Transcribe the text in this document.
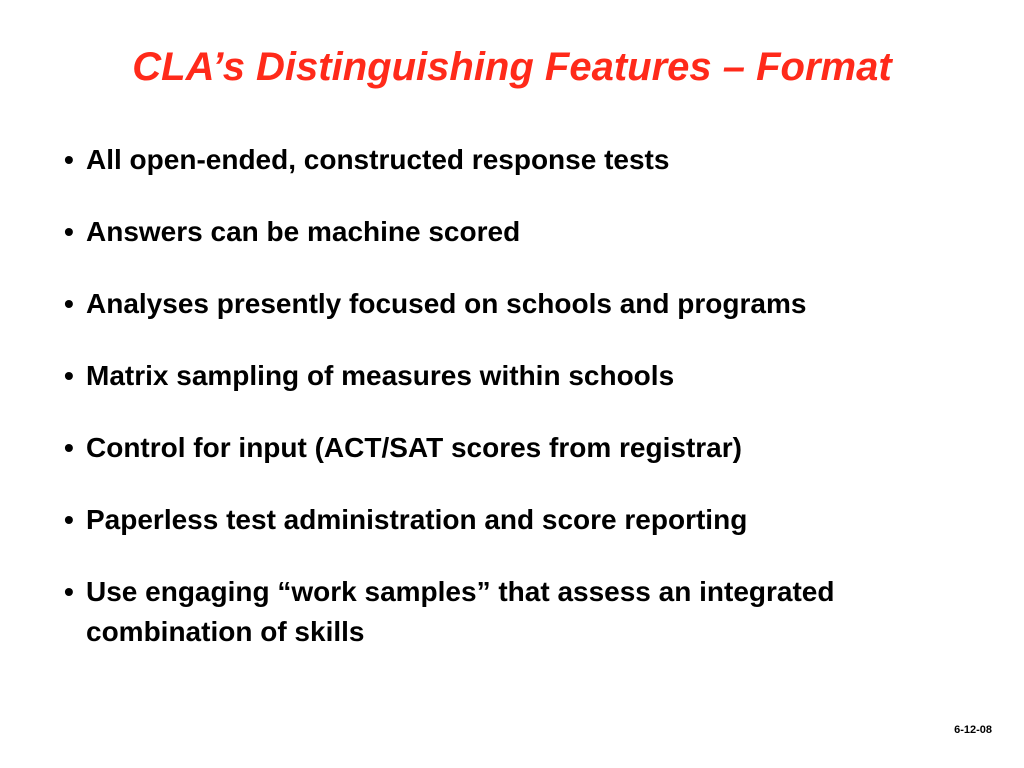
CLA’s Distinguishing Features – Format
• All open-ended, constructed response tests
• Answers can be machine scored
• Analyses presently focused on schools and programs
• Matrix sampling of measures within schools
• Control for input (ACT/SAT scores from registrar)
• Paperless test administration and score reporting
• Use engaging “work samples” that assess an integrated combination of skills
6-12-08
